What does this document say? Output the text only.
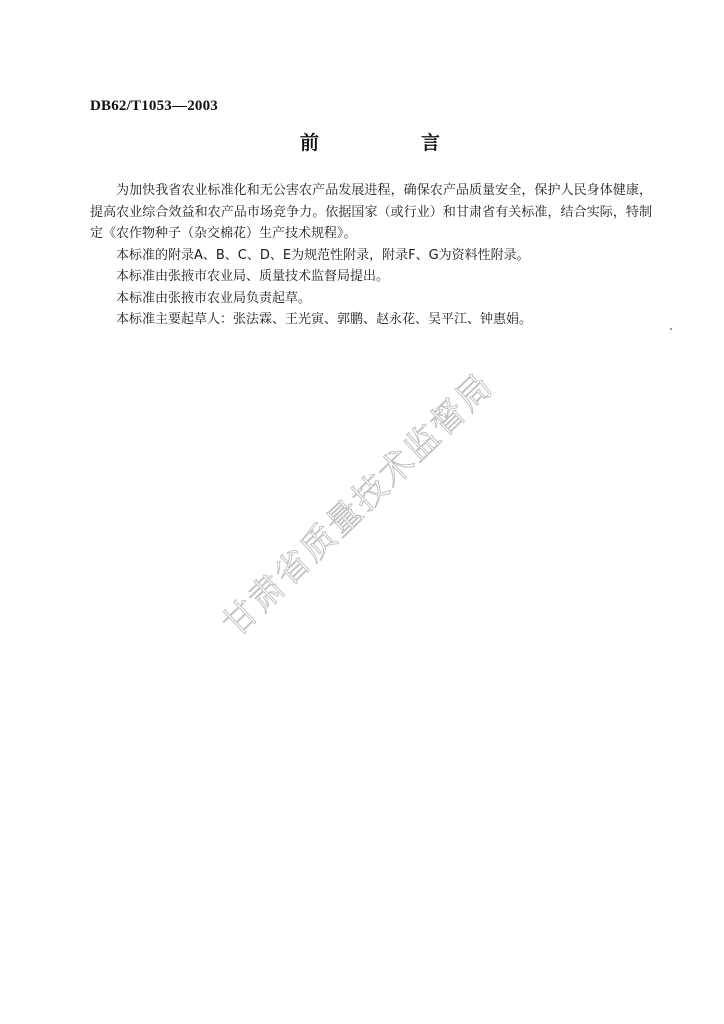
DB62/T1053—2003
前	言

为加快我省农业标准化和无公害农产品发展进程，确保农产品质量安全，保护人民身体健康，提高农业综合效益和农产品市场竞争力。依据国家（或行业）和甘肃省有关标准，结合实际，特制定《农作物种子（杂交棉花）生产技术规程》。

本标准的附录A、B、C、D、E为规范性附录，附录F、G为资料性附录。

本标准由张掖市农业局、质量技术监督局提出。

本标准由张掖市农业局负责起草。

本标准主要起草人：张法霖、王光寅、郭鹏、赵永花、吴平江、钟惠娟。

甘肃省质量技术监督局
